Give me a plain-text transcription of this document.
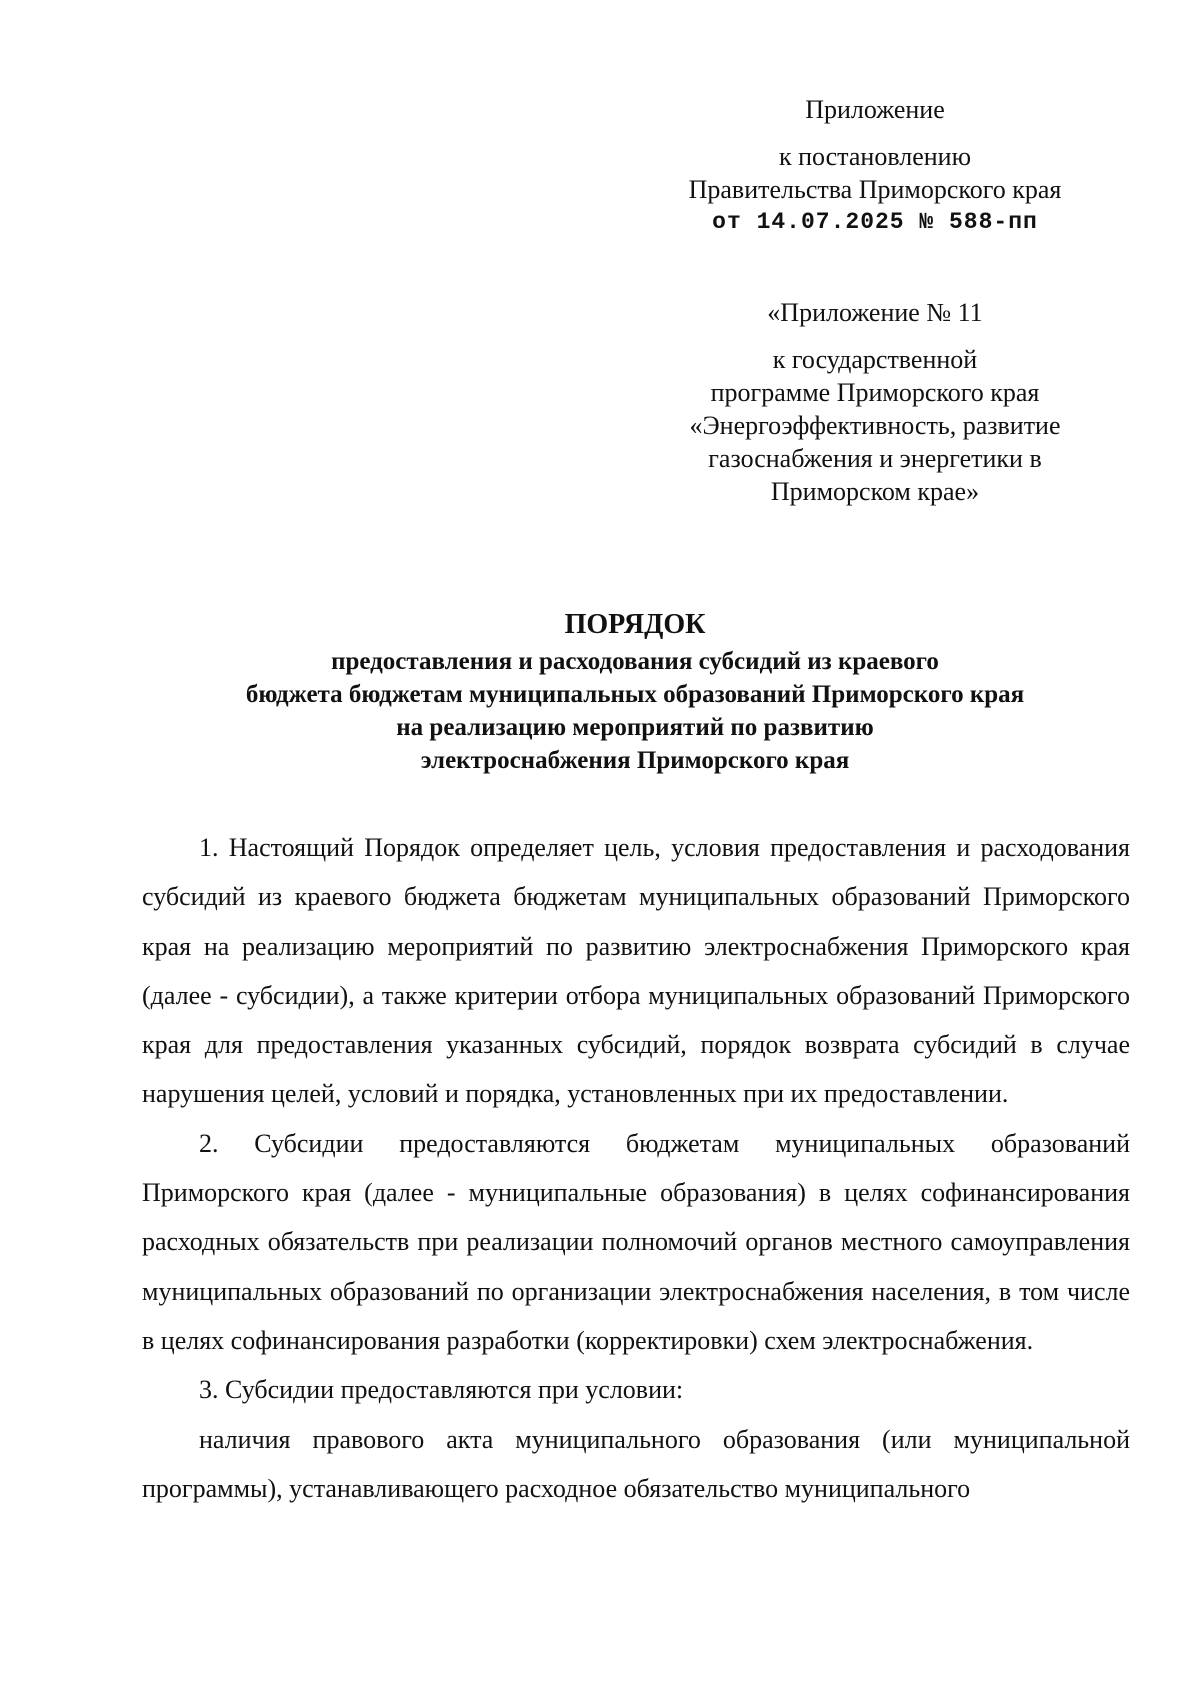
Приложение
к постановлению
Правительства Приморского края
от 14.07.2025 № 588-пп
«Приложение № 11
к государственной
программе Приморского края
«Энергоэффективность, развитие
газоснабжения и энергетики в
Приморском крае»
ПОРЯДОК
предоставления и расходования субсидий из краевого
бюджета бюджетам муниципальных образований Приморского края
на реализацию мероприятий по развитию
электроснабжения Приморского края

1. Настоящий Порядок определяет цель, условия предоставления и расходования субсидий из краевого бюджета бюджетам муниципальных образований Приморского края на реализацию мероприятий по развитию электроснабжения Приморского края (далее - субсидии), а также критерии отбора муниципальных образований Приморского края для предоставления указанных субсидий, порядок возврата субсидий в случае нарушения целей, условий и порядка, установленных при их предоставлении.

2. Субсидии предоставляются бюджетам муниципальных образований Приморского края (далее - муниципальные образования) в целях софинансирования расходных обязательств при реализации полномочий органов местного самоуправления муниципальных образований по организации электроснабжения населения, в том числе в целях софинансирования разработки (корректировки) схем электроснабжения.

3. Субсидии предоставляются при условии:

наличия правового акта муниципального образования (или муниципальной программы), устанавливающего расходное обязательство муниципального
